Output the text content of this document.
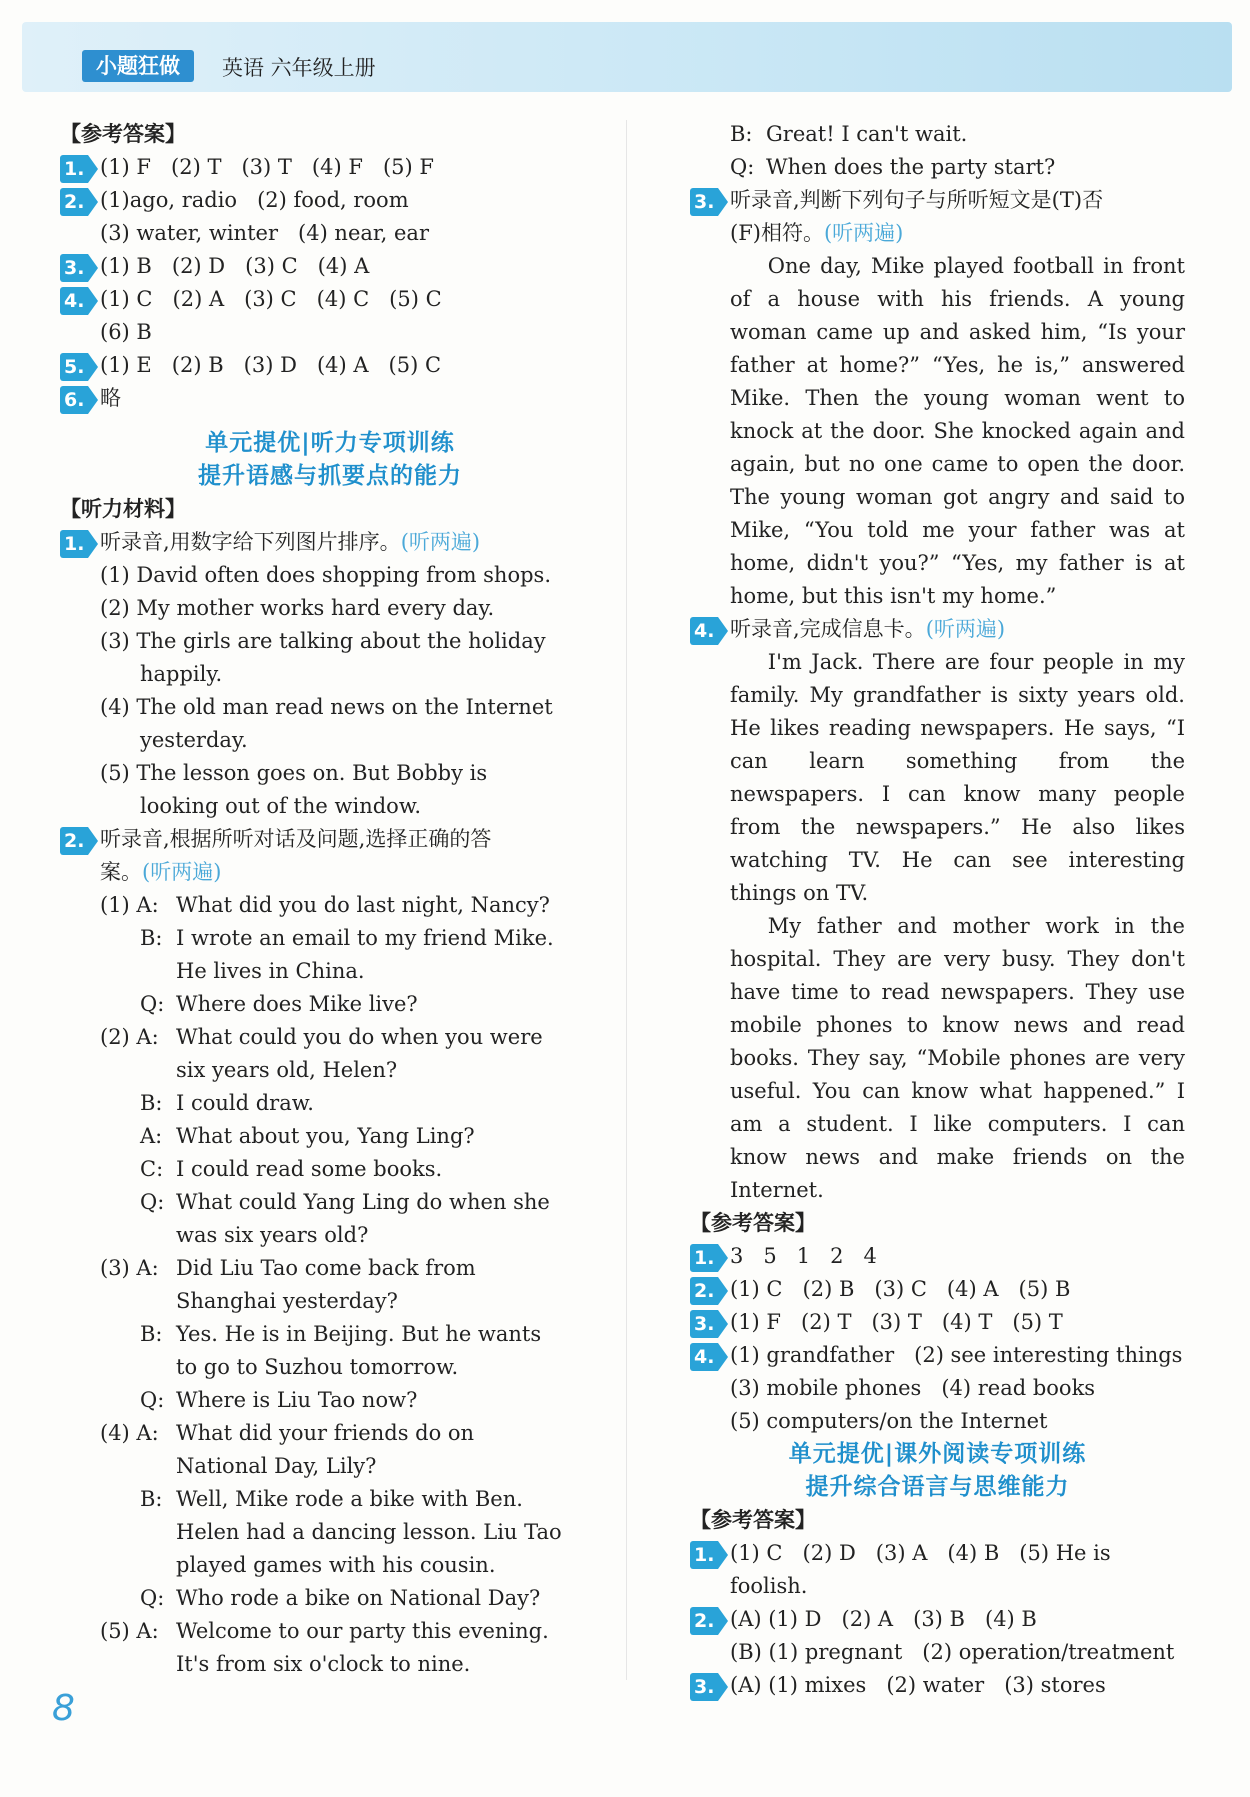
小题狂做	英语 六年级上册
【参考答案】
1. (1) F   (2) T   (3) T   (4) F   (5) F
2. (1)ago, radio   (2) food, room
(3) water, winter   (4) near, ear
3. (1) B   (2) D   (3) C   (4) A
4. (1) C   (2) A   (3) C   (4) C   (5) C
(6) B
5. (1) E   (2) B   (3) D   (4) A   (5) C
6. 略
单元提优|听力专项训练
提升语感与抓要点的能力
【听力材料】
1. 听录音,用数字给下列图片排序。(听两遍)
(1) David often does shopping from shops.
(2) My mother works hard every day.
(3) The girls are talking about the holiday
happily.
(4) The old man read news on the Internet
yesterday.
(5) The lesson goes on. But Bobby is
looking out of the window.
2. 听录音,根据所听对话及问题,选择正确的答
案。(听两遍)
(1) A: What did you do last night, Nancy?
B: I wrote an email to my friend Mike.
He lives in China.
Q: Where does Mike live?
(2) A: What could you do when you were
six years old, Helen?
B: I could draw.
A: What about you, Yang Ling?
C: I could read some books.
Q: What could Yang Ling do when she
was six years old?
(3) A: Did Liu Tao come back from
Shanghai yesterday?
B: Yes. He is in Beijing. But he wants
to go to Suzhou tomorrow.
Q: Where is Liu Tao now?
(4) A: What did your friends do on
National Day, Lily?
B: Well, Mike rode a bike with Ben.
Helen had a dancing lesson. Liu Tao
played games with his cousin.
Q: Who rode a bike on National Day?
(5) A: Welcome to our party this evening.
It's from six o'clock to nine.
B: Great! I can't wait.
Q: When does the party start?
3. 听录音,判断下列句子与所听短文是(T)否
(F)相符。(听两遍)
One day, Mike played football in front of a house with his friends. A young woman came up and asked him, “Is your father at home?” “Yes, he is,” answered Mike. Then the young woman went to knock at the door. She knocked again and again, but no one came to open the door. The young woman got angry and said to Mike, “You told me your father was at home, didn't you?” “Yes, my father is at home, but this isn't my home.”
4. 听录音,完成信息卡。(听两遍)
I'm Jack. There are four people in my family. My grandfather is sixty years old. He likes reading newspapers. He says, “I can learn something from the newspapers. I can know many people from the newspapers.” He also likes watching TV. He can see interesting things on TV.
My father and mother work in the hospital. They are very busy. They don't have time to read newspapers. They use mobile phones to know news and read books. They say, “Mobile phones are very useful. You can know what happened.” I am a student. I like computers. I can know news and make friends on the Internet.
【参考答案】
1. 3   5   1   2   4
2. (1) C   (2) B   (3) C   (4) A   (5) B
3. (1) F   (2) T   (3) T   (4) T   (5) T
4. (1) grandfather   (2) see interesting things
(3) mobile phones   (4) read books
(5) computers/on the Internet
单元提优|课外阅读专项训练
提升综合语言与思维能力
【参考答案】
1. (1) C   (2) D   (3) A   (4) B   (5) He is
foolish.
2. (A) (1) D   (2) A   (3) B   (4) B
(B) (1) pregnant   (2) operation/treatment
3. (A) (1) mixes   (2) water   (3) stores
8
